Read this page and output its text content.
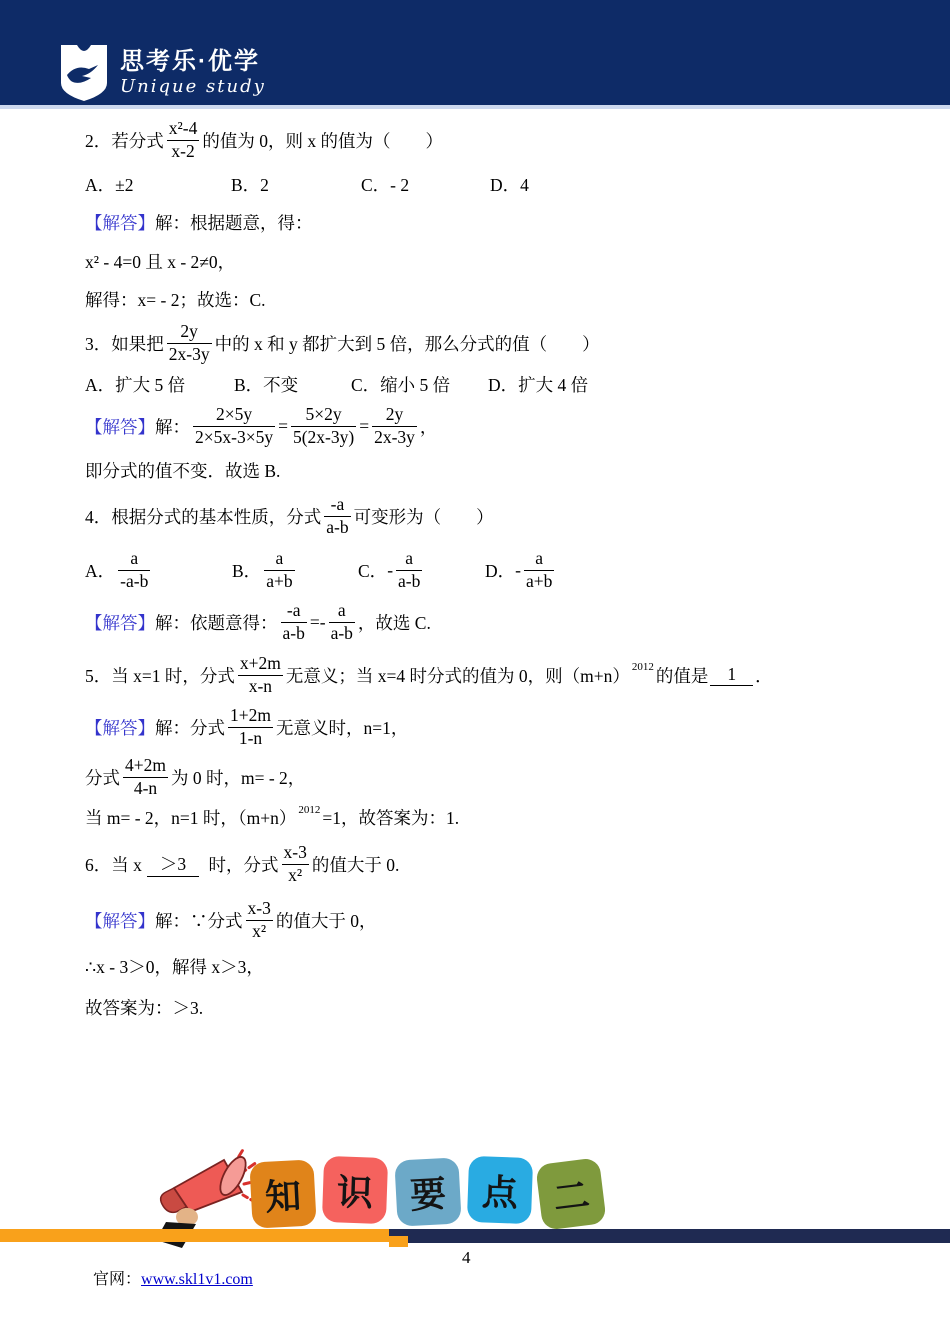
思考乐·优学
Unique study
2．若分式 $\frac{\text{x²-4}}{x-2}$ 的值为 0，则 x 的值为（　　）
A．±2	B．2	C．- 2	D．4
【解答】 解：根据题意，得：
x² - 4=0 且 x - 2≠0，
解得：x= - 2；故选：C.
3．如果把 $\frac{2y}{2x-3y}$ 中的 x 和 y 都扩大到 5 倍，那么分式的值（　　）
A．扩大 5 倍	B．不变	C．缩小 5 倍	D．扩大 4 倍
【解答】 解： $\frac{2\times 5y}{2\times 5x-3\times 5y} = \frac{5\times 2y}{5(2x-3y)} = \frac{2y}{2x-3y}$ ，
即分式的值不变．故选 B.
4．根据分式的基本性质，分式 $\frac{-a}{a-b}$ 可变形为（　　）
A． $\frac{a}{-a-b}$	B． $\frac{a}{a+b}$	C． - $\frac{a}{a-b}$	D． - $\frac{a}{a+b}$
【解答】 解：依题意得： $\frac{-a}{a-b}$ = - $\frac{a}{a-b}$ ，故选 C.
5．当 x=1 时，分式 $\frac{x+2m}{x-n}$ 无意义；当 x=4 时分式的值为 0，则$(m+n)^{2012}$ 的值是	1	．
【解答】 解：分式 $\frac{1+2m}{1-n}$ 无意义时，n=1，
分式 $\frac{4+2m}{4-n}$ 为 0 时，m= - 2，
当 m= - 2，n=1 时，$(m+n)^{2012} =1$，故答案为：1.
6．当 x	＞3	时，分式 $\frac{x-3}{\text{x²}}$ 的值大于 0.
【解答】 解：∵分式 $\frac{x-3}{\text{x²}}$ 的值大于 0，
∴x - 3＞0，解得 x＞3，
故答案为：＞3.
知 识 要 点 二

官网：www.skl1v1.com

4
